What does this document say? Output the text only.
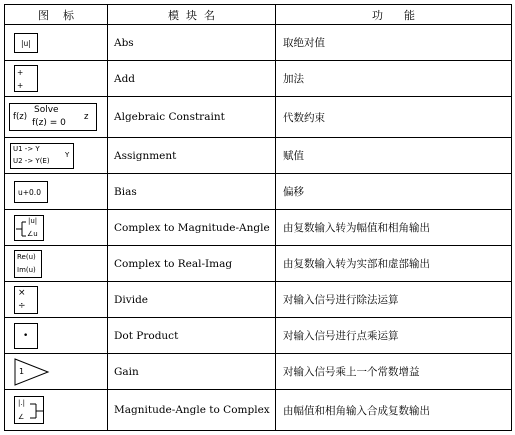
图    标	模  块  名	功      能

|u|	Abs	取绝对值

+
+	Add	加法

Solve
f(z) = 0
f(z) z	Algebraic Constraint	代数约束

U1 -> Y
U2 -> Y(E)
Y	Assignment	赋值

u+0.0	Bias	偏移

|u|
∠u	Complex to Magnitude-Angle	由复数输入转为幅值和相角输出

Re(u)
Im(u)	Complex to Real-Imag	由复数输入转为实部和虚部输出

×
÷	Divide	对输入信号进行除法运算

•	Dot Product	对输入信号进行点乘运算

1	Gain	对输入信号乘上一个常数增益

|.|
∠	Magnitude-Angle to Complex	由幅值和相角输入合成复数输出
